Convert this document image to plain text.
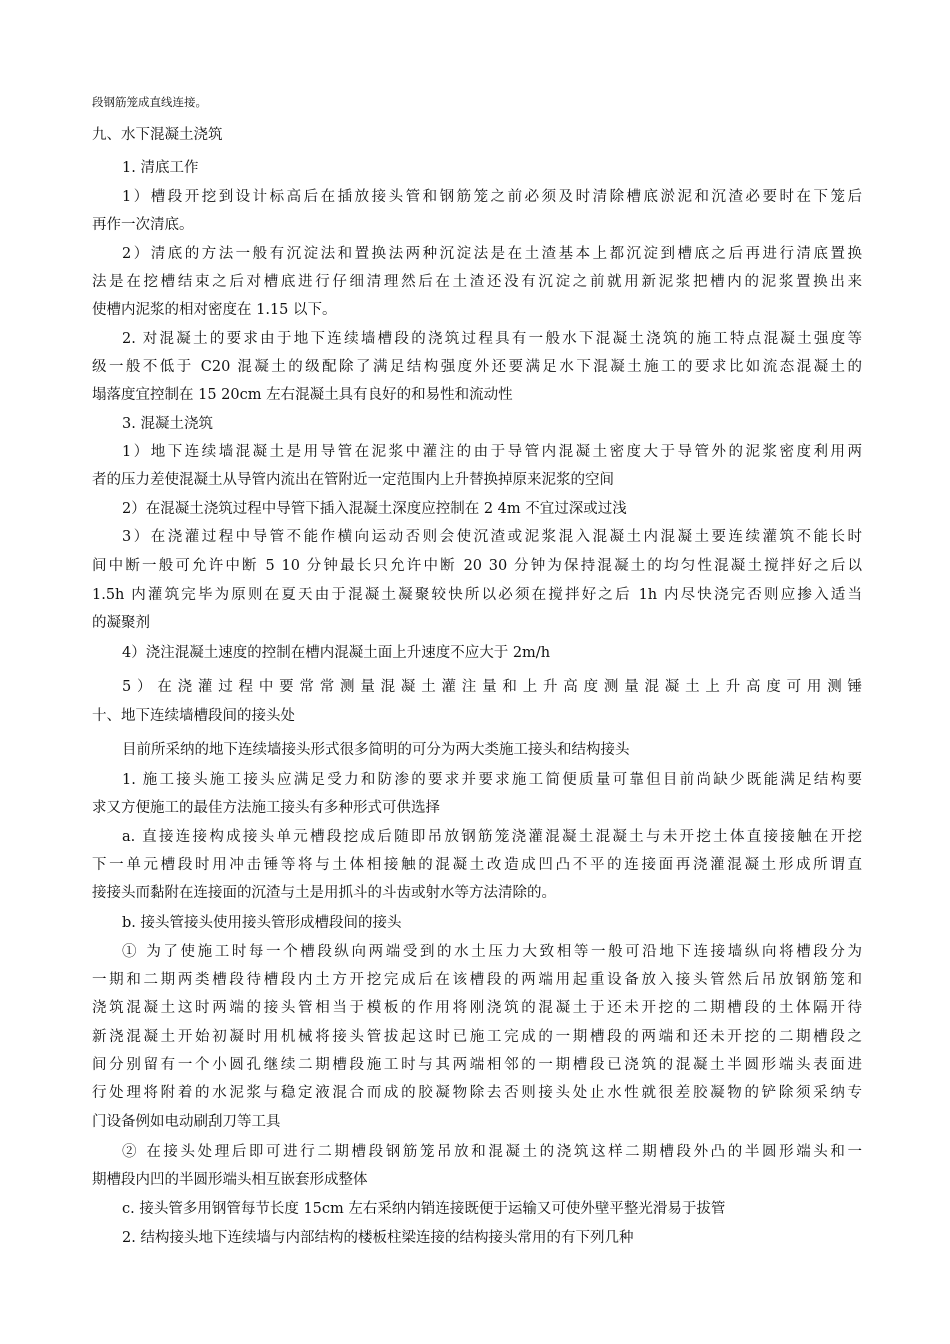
段钢筋笼成直线连接。
九、水下混凝土浇筑
1. 清底工作
1）槽段开挖到设计标高后在插放接头管和钢筋笼之前必须及时清除槽底淤泥和沉渣必要时在下笼后
再作一次清底。
2）清底的方法一般有沉淀法和置换法两种沉淀法是在土渣基本上都沉淀到槽底之后再进行清底置换
法是在挖槽结束之后对槽底进行仔细清理然后在土渣还没有沉淀之前就用新泥浆把槽内的泥浆置换出来
使槽内泥浆的相对密度在 1.15 以下。
2. 对混凝土的要求由于地下连续墙槽段的浇筑过程具有一般水下混凝土浇筑的施工特点混凝土强度等
级一般不低于 C20 混凝土的级配除了满足结构强度外还要满足水下混凝土施工的要求比如流态混凝土的
塌落度宜控制在 15 20cm 左右混凝土具有良好的和易性和流动性
3. 混凝土浇筑
1）地下连续墙混凝土是用导管在泥浆中灌注的由于导管内混凝土密度大于导管外的泥浆密度利用两
者的压力差使混凝土从导管内流出在管附近一定范围内上升替换掉原来泥浆的空间
2）在混凝土浇筑过程中导管下插入混凝土深度应控制在 2 4m 不宜过深或过浅
3）在浇灌过程中导管不能作横向运动否则会使沉渣或泥浆混入混凝土内混凝土要连续灌筑不能长时
间中断一般可允许中断 5 10 分钟最长只允许中断 20 30 分钟为保持混凝土的均匀性混凝土搅拌好之后以
1.5h 内灌筑完毕为原则在夏天由于混凝土凝聚较快所以必须在搅拌好之后 1h 内尽快浇完否则应掺入适当
的凝聚剂
4）浇注混凝土速度的控制在槽内混凝土面上升速度不应大于 2m/h
5）在浇灌过程中要常常测量混凝土灌注量和上升高度测量混凝土上升高度可用测锤
十、地下连续墙槽段间的接头处
目前所采纳的地下连续墙接头形式很多简明的可分为两大类施工接头和结构接头
1. 施工接头施工接头应满足受力和防渗的要求并要求施工简便质量可靠但目前尚缺少既能满足结构要
求又方便施工的最佳方法施工接头有多种形式可供选择
a. 直接连接构成接头单元槽段挖成后随即吊放钢筋笼浇灌混凝土混凝土与未开挖土体直接接触在开挖
下一单元槽段时用冲击锤等将与土体相接触的混凝土改造成凹凸不平的连接面再浇灌混凝土形成所谓直
接接头而黏附在连接面的沉渣与土是用抓斗的斗齿或射水等方法清除的。
b. 接头管接头使用接头管形成槽段间的接头
① 为了使施工时每一个槽段纵向两端受到的水土压力大致相等一般可沿地下连接墙纵向将槽段分为
一期和二期两类槽段待槽段内土方开挖完成后在该槽段的两端用起重设备放入接头管然后吊放钢筋笼和
浇筑混凝土这时两端的接头管相当于模板的作用将刚浇筑的混凝土于还未开挖的二期槽段的土体隔开待
新浇混凝土开始初凝时用机械将接头管拔起这时已施工完成的一期槽段的两端和还未开挖的二期槽段之
间分别留有一个小圆孔继续二期槽段施工时与其两端相邻的一期槽段已浇筑的混凝土半圆形端头表面进
行处理将附着的水泥浆与稳定液混合而成的胶凝物除去否则接头处止水性就很差胶凝物的铲除须采纳专
门设备例如电动刷刮刀等工具
② 在接头处理后即可进行二期槽段钢筋笼吊放和混凝土的浇筑这样二期槽段外凸的半圆形端头和一
期槽段内凹的半圆形端头相互嵌套形成整体
c. 接头管多用钢管每节长度 15cm 左右采纳内销连接既便于运输又可使外壁平整光滑易于拔管
2. 结构接头地下连续墙与内部结构的楼板柱梁连接的结构接头常用的有下列几种
